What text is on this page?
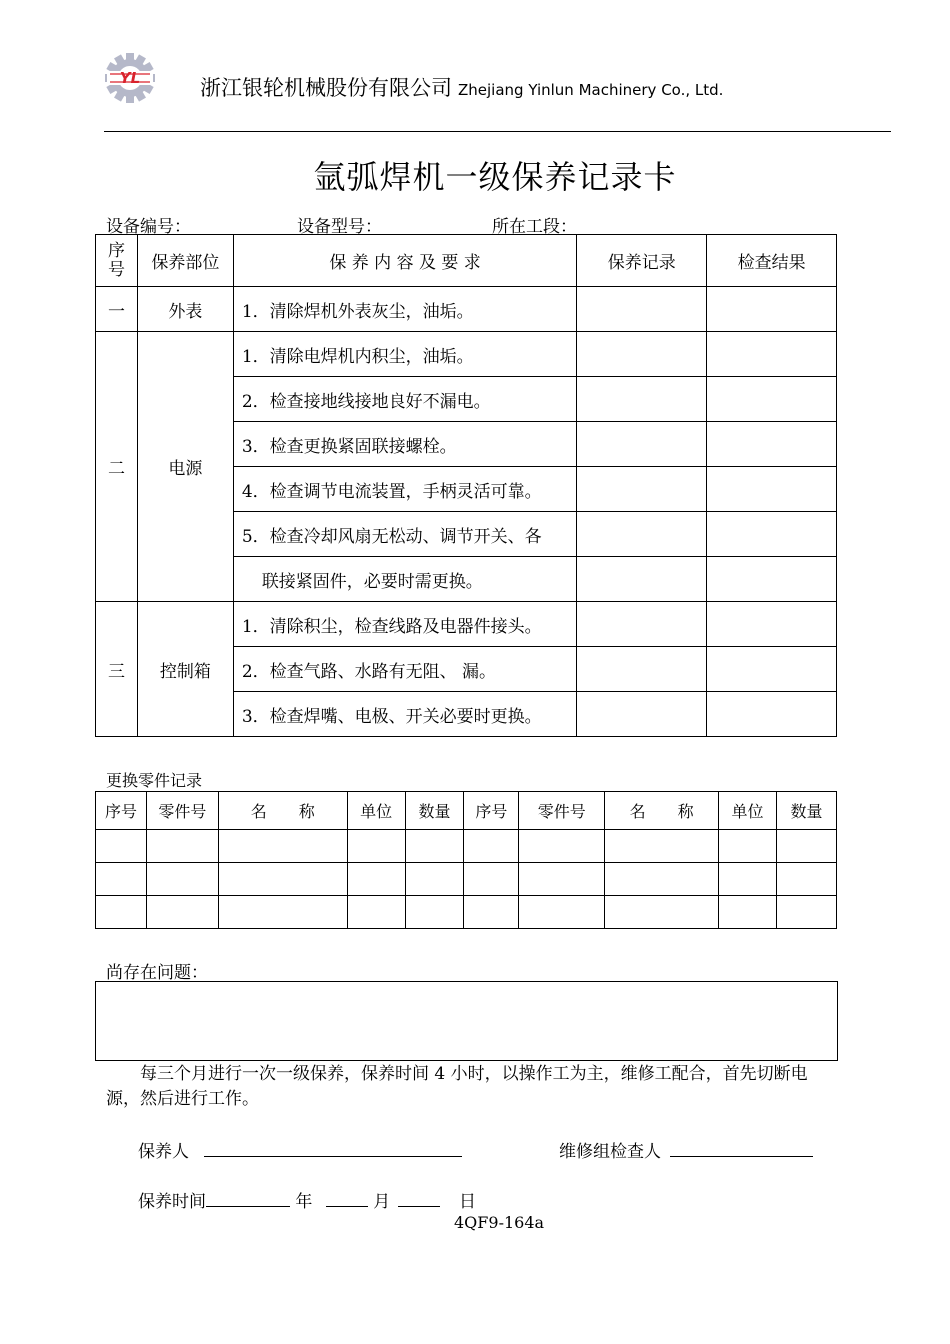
YL	浙江银轮机械股份有限公司 Zhejiang Yinlun Machinery Co., Ltd.
氩弧焊机一级保养记录卡
设备编号：	设备型号：	所在工段：
序号	保养部位	保 养 内 容 及 要 求	保养记录	检查结果
一	外表	1．清除焊机外表灰尘，油垢。		
二	电源	1．清除电焊机内积尘，油垢。		
		2．检查接地线接地良好不漏电。		
		3．检查更换紧固联接螺栓。		
		4．检查调节电流装置，手柄灵活可靠。		
		5．检查冷却风扇无松动、调节开关、各		
		联接紧固件，必要时需更换。		
三	控制箱	1．清除积尘，检查线路及电器件接头。		
		2．检查气路、水路有无阻、 漏。		
		3．检查焊嘴、电极、开关必要时更换。		
更换零件记录
序号	零件号	名　　称	单位	数量	序号	零件号	名　　称	单位	数量

尚存在问题：
每三个月进行一次一级保养，保养时间 4 小时，以操作工为主，维修工配合，首先切断电源，然后进行工作。
保养人	维修组检查人
保养时间	年	月	日
4QF9-164a
